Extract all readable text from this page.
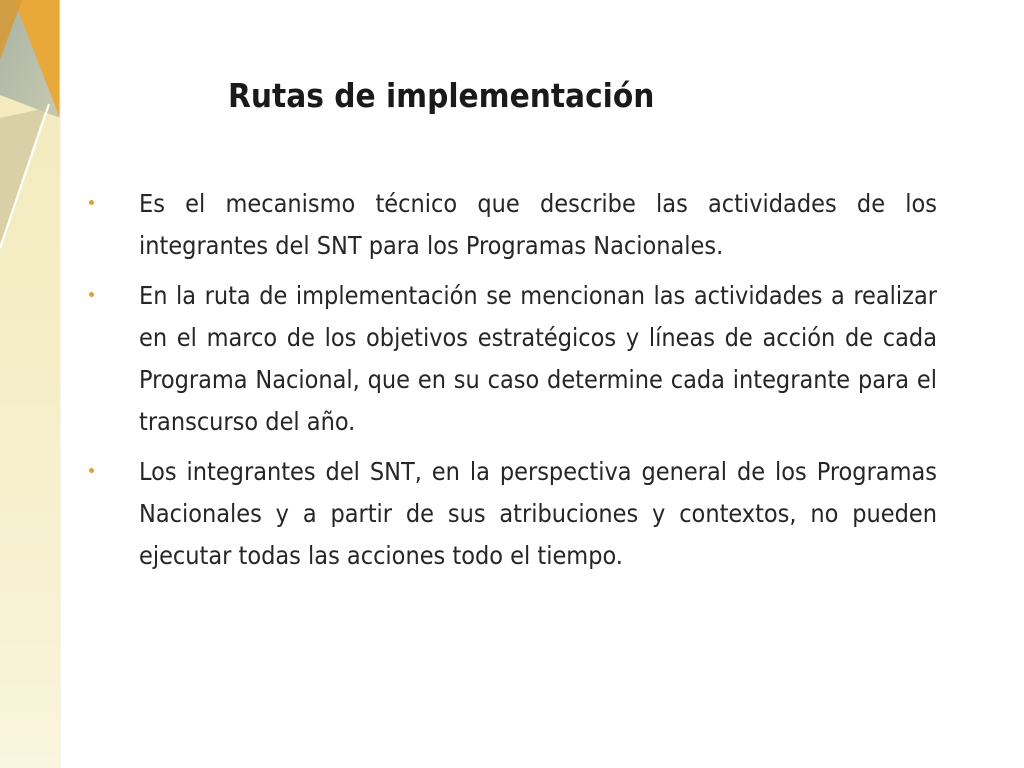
Rutas de implementación
Es el mecanismo técnico que describe las actividades de los integrantes del SNT para los Programas Nacionales.
En la ruta de implementación se mencionan las actividades a realizar en el marco de los objetivos estratégicos y líneas de acción de cada Programa Nacional, que en su caso determine cada integrante para el transcurso del año.
Los integrantes del SNT, en la perspectiva general de los Programas Nacionales y a partir de sus atribuciones y contextos, no pueden ejecutar todas las acciones todo el tiempo.
